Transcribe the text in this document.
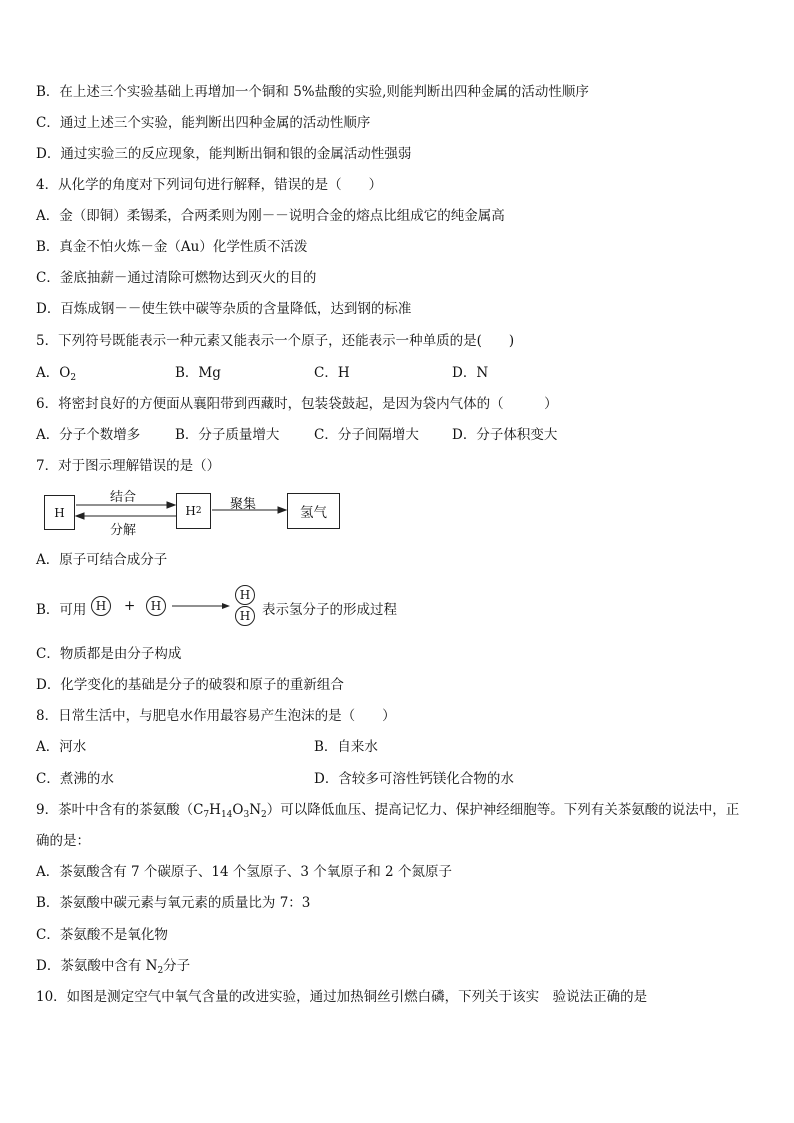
B．在上述三个实验基础上再增加一个铜和 5%盐酸的实验,则能判断出四种金属的活动性顺序
C．通过上述三个实验，能判断出四种金属的活动性顺序
D．通过实验三的反应现象，能判断出铜和银的金属活动性强弱
4．从化学的角度对下列词句进行解释，错误的是（　　）
A．金（即铜）柔锡柔，合两柔则为刚－－说明合金的熔点比组成它的纯金属高
B．真金不怕火炼－金（Au）化学性质不活泼
C．釜底抽薪－通过清除可燃物达到灭火的目的
D．百炼成钢－－使生铁中碳等杂质的含量降低，达到钢的标准
5．下列符号既能表示一种元素又能表示一个原子，还能表示一种单质的是(　　)
A．$O_2$	B．Mg	C．H	D．N
6．将密封良好的方便面从襄阳带到西藏时，包装袋鼓起，是因为袋内气体的（　　　）
A．分子个数增多	B．分子质量增大	C．分子间隔增大 D．分子体积变大
7．对于图示理解错误的是（）
H	H 2	氢气
结合
分解
聚集
A．原子可结合成分子
B．可用 H	+	H
H
H 表示氢分子的形成过程
C．物质都是由分子构成
D．化学变化的基础是分子的破裂和原子的重新组合
8．日常生活中，与肥皂水作用最容易产生泡沫的是（　　）
A．河水	B．自来水
C．煮沸的水	D．含较多可溶性钙镁化合物的水
9．茶叶中含有的茶氨酸$(C_7H_{14}O_3N_2)$可以降低血压、提高记忆力、保护神经细胞等。下列有关茶氨酸的说法中，正
确的是：
A．茶氨酸含有 7 个碳原子、14 个氢原子、3 个氧原子和 2 个氮原子
B．茶氨酸中碳元素与氧元素的质量比为 7：3
C．茶氨酸不是氧化物
D．茶氨酸中含有 $N_2$分子
10．如图是测定空气中氧气含量的改进实验，通过加热铜丝引燃白磷，下列关于该实　验说法正确的是
